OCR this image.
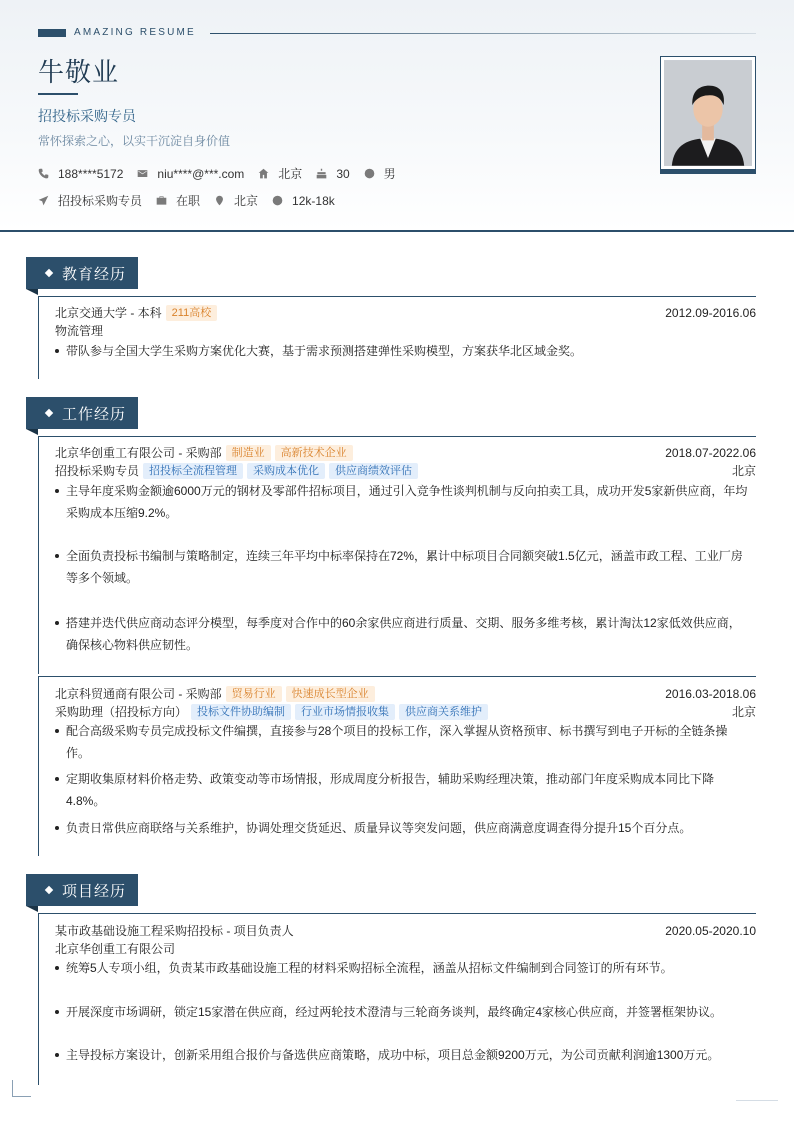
AMAZING RESUME
牛敬业
招投标采购专员
常怀探索之心，以实干沉淀自身价值
188****5172	niu****@***.com	北京	30	男
招投标采购专员	在职	北京	12k-18k
教育经历
北京交通大学 - 本科 211高校	2012.09-2016.06
物流管理
带队参与全国大学生采购方案优化大赛，基于需求预测搭建弹性采购模型，方案获华北区域金奖。
工作经历
北京华创重工有限公司 - 采购部 制造业	高新技术企业	2018.07-2022.06
招投标采购专员 招投标全流程管理	采购成本优化	供应商绩效评估	北京
主导年度采购金额逾6000万元的钢材及零部件招标项目，通过引入竞争性谈判机制与反向拍卖工具，成功开发5家新供应商，年均采购成本压缩9.2%。
全面负责投标书编制与策略制定，连续三年平均中标率保持在72%，累计中标项目合同额突破1.5亿元，涵盖市政工程、工业厂房等多个领域。
搭建并迭代供应商动态评分模型，每季度对合作中的60余家供应商进行质量、交期、服务多维考核，累计淘汰12家低效供应商，确保核心物料供应韧性。
北京科贸通商有限公司 - 采购部 贸易行业	快速成长型企业	2016.03-2018.06
采购助理（招投标方向） 投标文件协助编制	行业市场情报收集	供应商关系维护	北京
配合高级采购专员完成投标文件编撰，直接参与28个项目的投标工作，深入掌握从资格预审、标书撰写到电子开标的全链条操作。
定期收集原材料价格走势、政策变动等市场情报，形成周度分析报告，辅助采购经理决策，推动部门年度采购成本同比下降4.8%。
负责日常供应商联络与关系维护，协调处理交货延迟、质量异议等突发问题，供应商满意度调查得分提升15个百分点。
项目经历
某市政基础设施工程采购招投标 - 项目负责人	2020.05-2020.10
北京华创重工有限公司
统筹5人专项小组，负责某市政基础设施工程的材料采购招标全流程，涵盖从招标文件编制到合同签订的所有环节。
开展深度市场调研，锁定15家潜在供应商，经过两轮技术澄清与三轮商务谈判，最终确定4家核心供应商，并签署框架协议。
主导投标方案设计，创新采用组合报价与备选供应商策略，成功中标，项目总金额9200万元，为公司贡献利润逾1300万元。
